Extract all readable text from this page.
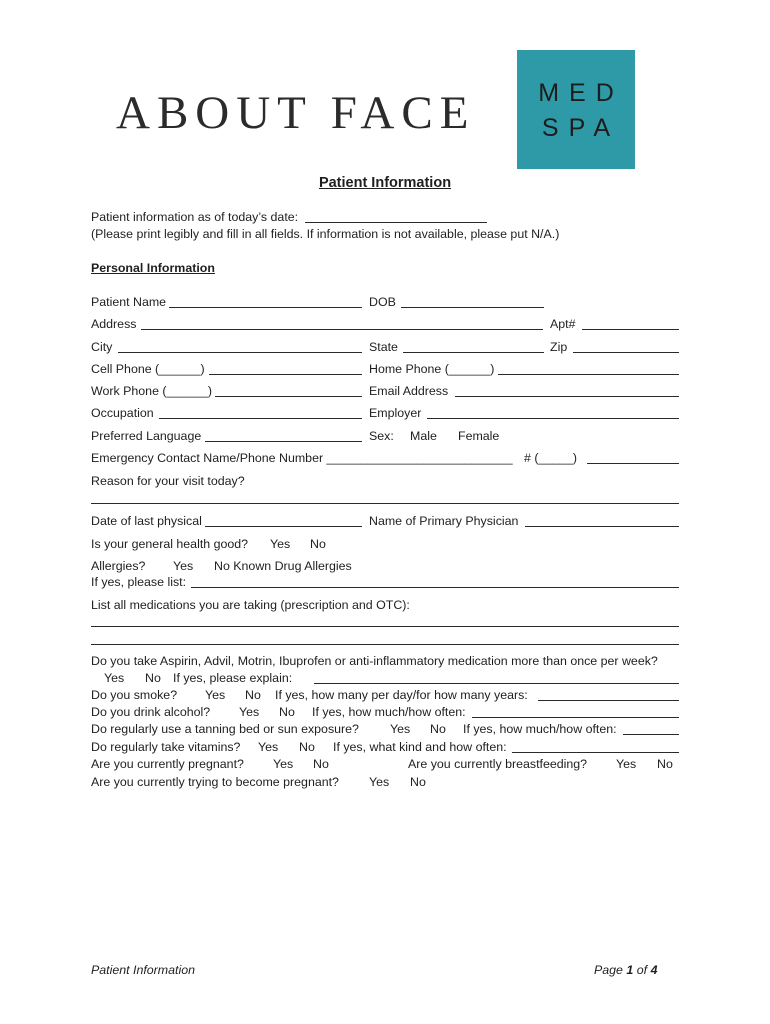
ABOUT FACE	MED
SPA
Patient Information
Patient information as of today’s date:
(Please print legibly and fill in all fields. If information is not available, please put N/A.)
Personal Information
Patient Name	DOB
Address	Apt#
City	State	Zip
Cell Phone (______)	Home Phone (______)
Work Phone (______)	Email Address
Occupation	Employer
Preferred Language	Sex: Male Female
Emergency Contact Name/Phone Number ___________________________ # (_____)
Reason for your visit today?
Date of last physical	Name of Primary Physician
Is your general health good? Yes No
Allergies? Yes No Known Drug Allergies
If yes, please list:
List all medications you are taking (prescription and OTC):
Do you take Aspirin, Advil, Motrin, Ibuprofen or anti-inflammatory medication more than once per week?
Yes No If yes, please explain:
Do you smoke? Yes No If yes, how many per day/for how many years:
Do you drink alcohol? Yes No If yes, how much/how often:
Do regularly use a tanning bed or sun exposure?	Yes No If yes, how much/how often:
Do regularly take vitamins? Yes No If yes, what kind and how often:
Are you currently pregnant? Yes No	Are you currently breastfeeding? Yes No
Are you currently trying to become pregnant? Yes No
Patient Information	Page 1 of 4
